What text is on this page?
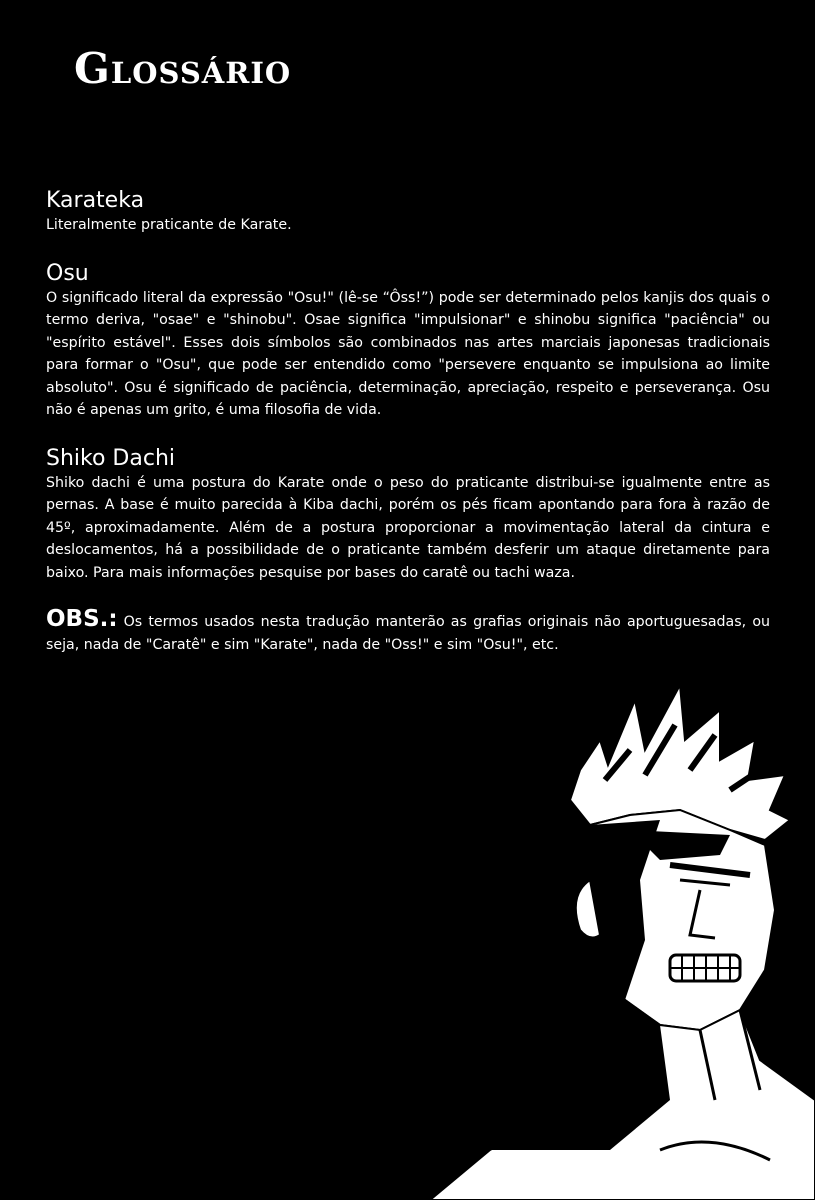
Glossário
Karateka

Literalmente praticante de Karate.

Osu

O significado literal da expressão "Osu!" (lê-se “Ôss!”) pode ser determinado pelos kanjis dos quais o termo deriva, "osae" e "shinobu". Osae significa "impulsionar" e shinobu significa "paciência" ou "espírito estável". Esses dois símbolos são combinados nas artes marciais japonesas tradicionais para formar o "Osu", que pode ser entendido como "persevere enquanto se impulsiona ao limite absoluto". Osu é significado de paciência, determinação, apreciação, respeito e perseverança. Osu não é apenas um grito, é uma filosofia de vida.

Shiko Dachi

Shiko dachi é uma postura do Karate onde o peso do praticante distribui-se igualmente entre as pernas. A base é muito parecida à Kiba dachi, porém os pés ficam apontando para fora à razão de 45º, aproximadamente. Além de a postura proporcionar a movimentação lateral da cintura e deslocamentos, há a possibilidade de o praticante também desferir um ataque diretamente para baixo. Para mais informações pesquise por bases do caratê ou tachi waza.

OBS.: Os termos usados nesta tradução manterão as grafias originais não aportuguesadas, ou seja, nada de "Caratê" e sim "Karate", nada de "Oss!" e sim "Osu!", etc.
